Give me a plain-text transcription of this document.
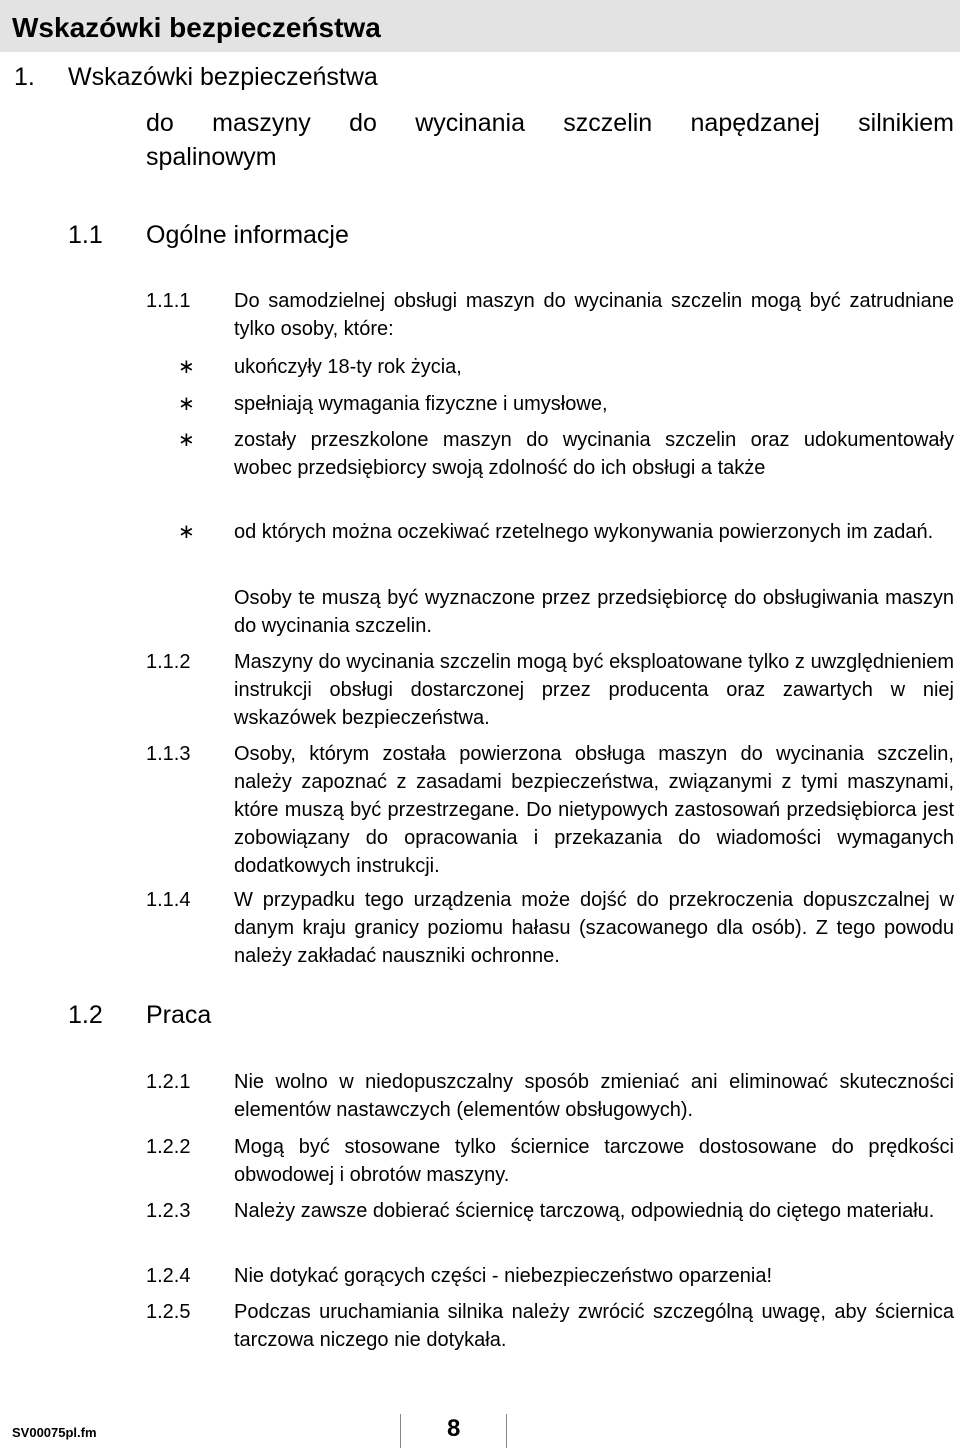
Wskazówki bezpieczeństwa
1. Wskazówki bezpieczeństwa
do maszyny do wycinania szczelin napędzanej silnikiem
spalinowym
1.1 Ogólne informacje
1.1.1 Do samodzielnej obsługi maszyn do wycinania szczelin mogą być zatrudniane tylko osoby, które:
∗ ukończyły 18-ty rok życia,
∗ spełniają wymagania fizyczne i umysłowe,
∗ zostały przeszkolone maszyn do wycinania szczelin oraz udokumentowały wobec przedsiębiorcy swoją zdolność do ich obsługi a także
∗ od których można oczekiwać rzetelnego wykonywania powierzonych im zadań.
Osoby te muszą być wyznaczone przez przedsiębiorcę do obsługiwania maszyn do wycinania szczelin.
1.1.2 Maszyny do wycinania szczelin mogą być eksploatowane tylko z uwzględnieniem instrukcji obsługi dostarczonej przez producenta oraz zawartych w niej wskazówek bezpieczeństwa.
1.1.3 Osoby, którym została powierzona obsługa maszyn do wycinania szczelin, należy zapoznać z zasadami bezpieczeństwa, związanymi z tymi maszynami, które muszą być przestrzegane. Do nietypowych zastosowań przedsiębiorca jest zobowiązany do opracowania i przekazania do wiadomości wymaganych dodatkowych instrukcji.
1.1.4 W przypadku tego urządzenia może dojść do przekroczenia dopuszczalnej w danym kraju granicy poziomu hałasu (szacowanego dla osób). Z tego powodu należy zakładać nauszniki ochronne.
1.2 Praca
1.2.1 Nie wolno w niedopuszczalny sposób zmieniać ani eliminować skuteczności elementów nastawczych (elementów obsługowych).
1.2.2 Mogą być stosowane tylko ściernice tarczowe dostosowane do prędkości obwodowej i obrotów maszyny.
1.2.3 Należy zawsze dobierać ściernicę tarczową, odpowiednią do ciętego materiału.
1.2.4 Nie dotykać gorących części - niebezpieczeństwo oparzenia!
1.2.5 Podczas uruchamiania silnika należy zwrócić szczególną uwagę, aby ściernica tarczowa niczego nie dotykała.
SV00075pl.fm	8
